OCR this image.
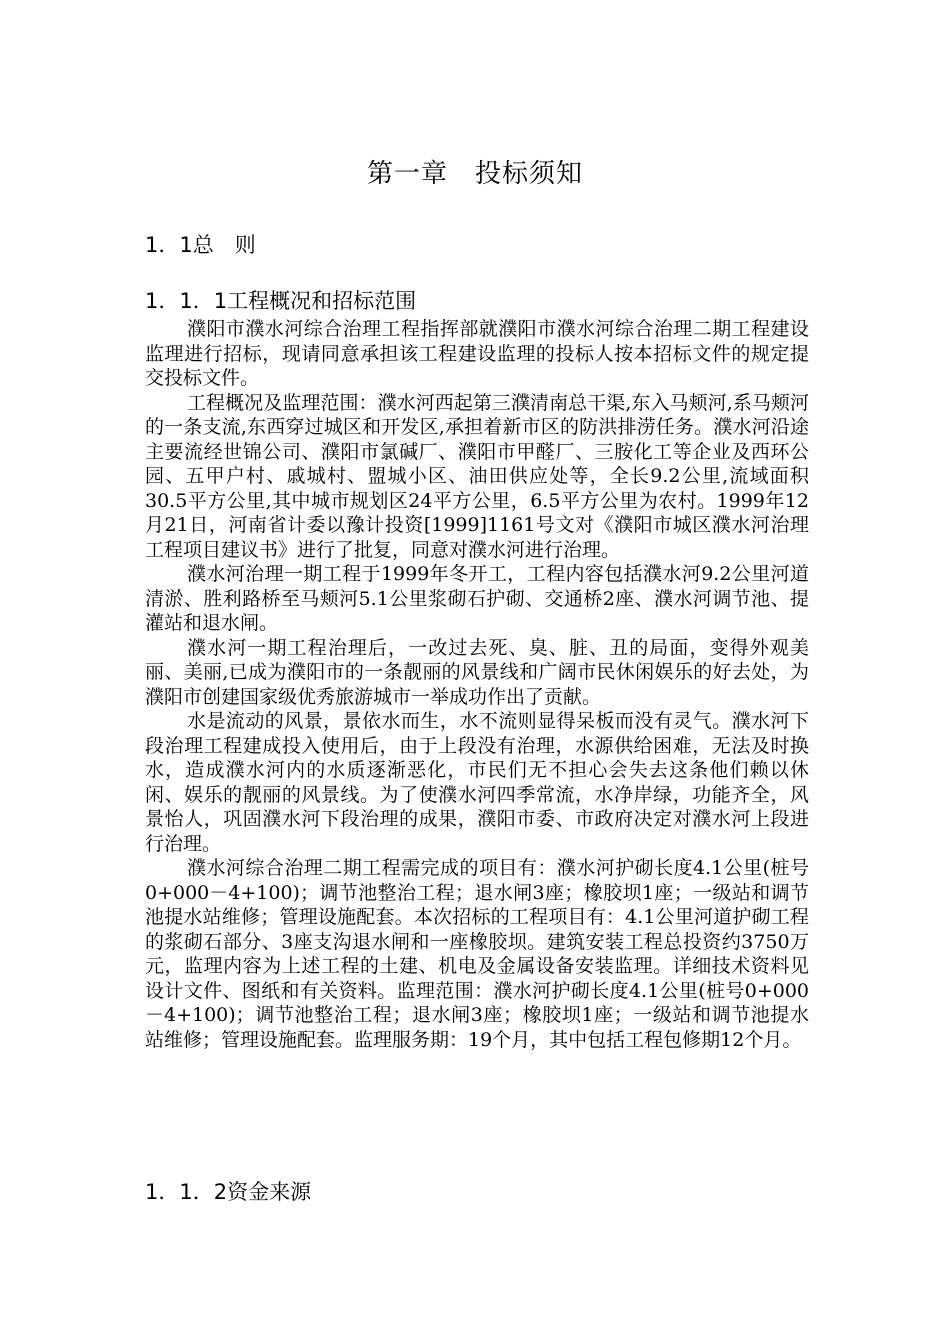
第一章　投标须知
1．1总　则
1．1．1工程概况和招标范围

濮阳市濮水河综合治理工程指挥部就濮阳市濮水河综合治理二期工程建设监理进行招标，现请同意承担该工程建设监理的投标人按本招标文件的规定提交投标文件。

工程概况及监理范围：濮水河西起第三濮清南总干渠,东入马颊河,系马颊河的一条支流,东西穿过城区和开发区,承担着新市区的防洪排涝任务。濮水河沿途主要流经世锦公司、濮阳市氯碱厂、濮阳市甲醛厂、三胺化工等企业及西环公园、五甲户村、戚城村、盟城小区、油田供应处等，全长9.2公里,流域面积30.5平方公里,其中城市规划区24平方公里，6.5平方公里为农村。1999年12月21日，河南省计委以豫计投资[1999]1161号文对《濮阳市城区濮水河治理工程项目建议书》进行了批复，同意对濮水河进行治理。

濮水河治理一期工程于1999年冬开工，工程内容包括濮水河9.2公里河道清淤、胜利路桥至马颊河5.1公里浆砌石护砌、交通桥2座、濮水河调节池、提灌站和退水闸。

濮水河一期工程治理后，一改过去死、臭、脏、丑的局面，变得外观美丽、美丽,已成为濮阳市的一条靓丽的风景线和广阔市民休闲娱乐的好去处，为濮阳市创建国家级优秀旅游城市一举成功作出了贡献。

水是流动的风景，景依水而生，水不流则显得呆板而没有灵气。濮水河下段治理工程建成投入使用后，由于上段没有治理，水源供给困难，无法及时换水，造成濮水河内的水质逐渐恶化，市民们无不担心会失去这条他们赖以休闲、娱乐的靓丽的风景线。为了使濮水河四季常流，水净岸绿，功能齐全，风景怡人，巩固濮水河下段治理的成果，濮阳市委、市政府决定对濮水河上段进行治理。

濮水河综合治理二期工程需完成的项目有：濮水河护砌长度4.1公里(桩号0+000－4+100)；调节池整治工程；退水闸3座；橡胶坝1座；一级站和调节池提水站维修；管理设施配套。本次招标的工程项目有：4.1公里河道护砌工程的浆砌石部分、3座支沟退水闸和一座橡胶坝。建筑安装工程总投资约3750万元，监理内容为上述工程的土建、机电及金属设备安装监理。详细技术资料见设计文件、图纸和有关资料。监理范围：濮水河护砌长度4.1公里(桩号0+000－4+100)；调节池整治工程；退水闸3座；橡胶坝1座；一级站和调节池提水站维修；管理设施配套。监理服务期：19个月，其中包括工程包修期12个月。

1．1．2资金来源
